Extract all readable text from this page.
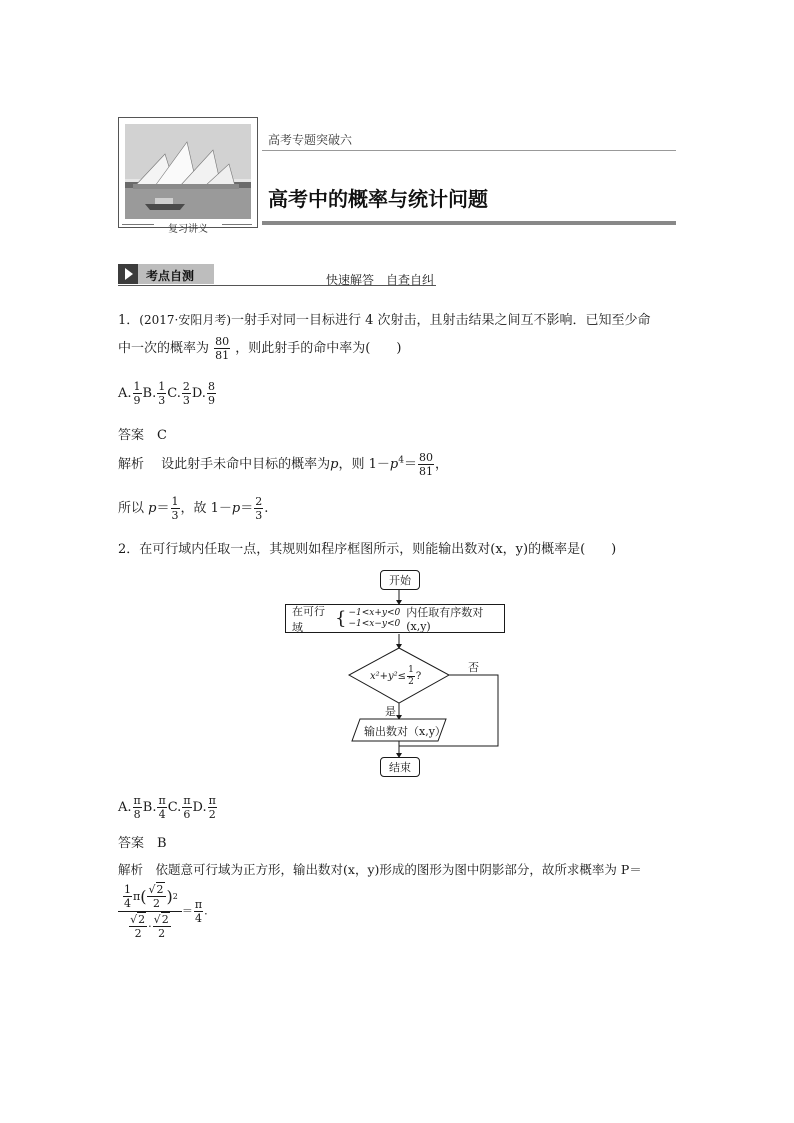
复习讲义
高考专题突破六
高考中的概率与统计问题
考点自测	快速解答　自查自纠
1．(2017·安阳月考)一射手对同一目标进行 4 次射击，且射击结果之间互不影响．已知至少命
中一次的概率为 $\frac{80}{81}$ ，则此射手的命中率为(　　)
A. $\frac{1}{9} B$. $\frac{1}{3} C$. $\frac{2}{3} D$. $\frac{8}{9}$
答案　 C
解析　 设此射手未命中目标的概率为p，则 $1-p^4= \frac{80}{81}$ ，
所以 $p= \frac{1}{3}$ ，故 $1-p= \frac{2}{3}$ .
2．在可行域内任取一点，其规则如程序框图所示，则能输出数对(x，y)的概率是(　　)
开始
在可行域	{ −1<x+y<0
−1<x−y<0
内任取有序数对 (x,y)
$x^2+y^2\le \frac{1}{2}$ ?
否
是
输出数对（x,y）
结束
A. $\frac{\pi}{8} B$. $\frac{\pi}{4} C$. $\frac{\pi}{6} D$. $\frac{\pi}{2}$
答案　 B
解析　 依题意可行域为正方形，输出数对(x，y)形成的图形为图中阴影部分，故所求概率为 P＝
$\frac{\frac{1}{4} \pi ( \frac{√2}{2} ) 2}{\frac{√2}{2} \cdot \frac{√2}{2}} = \frac{\pi}{4}$ .
